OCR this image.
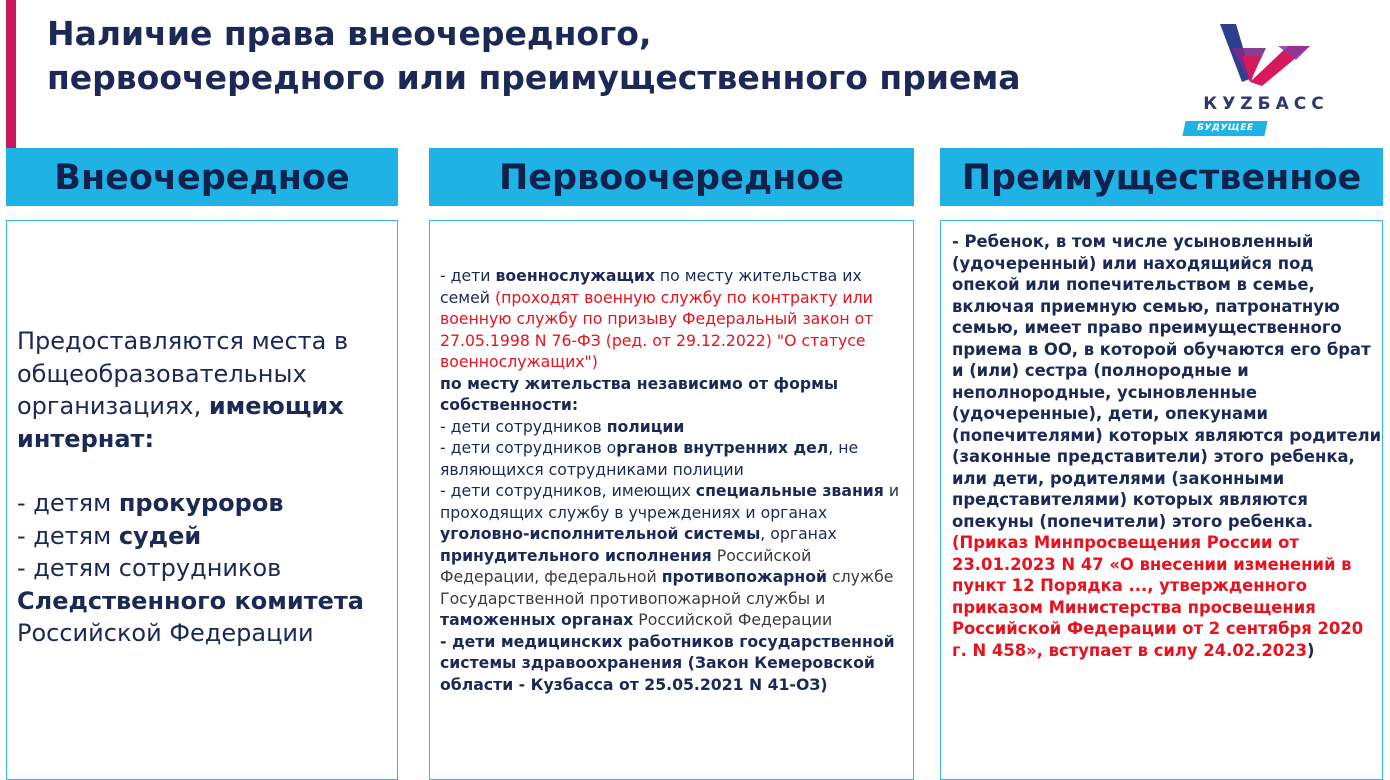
Наличие права внеочередного,
первоочередного или преимущественного приема
КУZБАСС
БУДУЩЕЕ
Внеочередное	Первоочередное	Преимущественное

Предоставляются места в общеобразовательных организациях, имеющих интернат:

- детям прокуроров

- детям судей

- детям сотрудников Следственного комитета Российской Федерации

- дети военнослужащих по месту жительства их семей (проходят военную службу по контракту или военную службу по призыву Федеральный закон от 27.05.1998 N 76-ФЗ (ред. от 29.12.2022) "О статусе военнослужащих")
по месту жительства независимо от формы собственности:

- дети сотрудников полиции

- дети сотрудников органов внутренних дел, не являющихся сотрудниками полиции

- дети сотрудников, имеющих специальные звания и проходящих службу в учреждениях и органах уголовно-исполнительной системы, органах принудительного исполнения Российской Федерации, федеральной противопожарной службе Государственной противопожарной службы и таможенных органах Российской Федерации

- дети медицинских работников государственной системы здравоохранения (Закон Кемеровской области - Кузбасса от 25.05.2021 N 41-ОЗ)

- Ребенок, в том числе усыновленный (удочеренный) или находящийся под опекой или попечительством в семье, включая приемную семью, патронатную семью, имеет право преимущественного приема в ОО, в которой обучаются его брат и (или) сестра (полнородные и неполнородные, усыновленные (удочеренные), дети, опекунами (попечителями) которых являются родители (законные представители) этого ребенка, или дети, родителями (законными представителями) которых являются опекуны (попечители) этого ребенка.

(Приказ Минпросвещения России от 23.01.2023 N 47 «О внесении изменений в пункт 12 Порядка ..., утвержденного приказом Министерства просвещения Российской Федерации от 2 сентября 2020 г. N 458», вступает в силу 24.02.2023)
